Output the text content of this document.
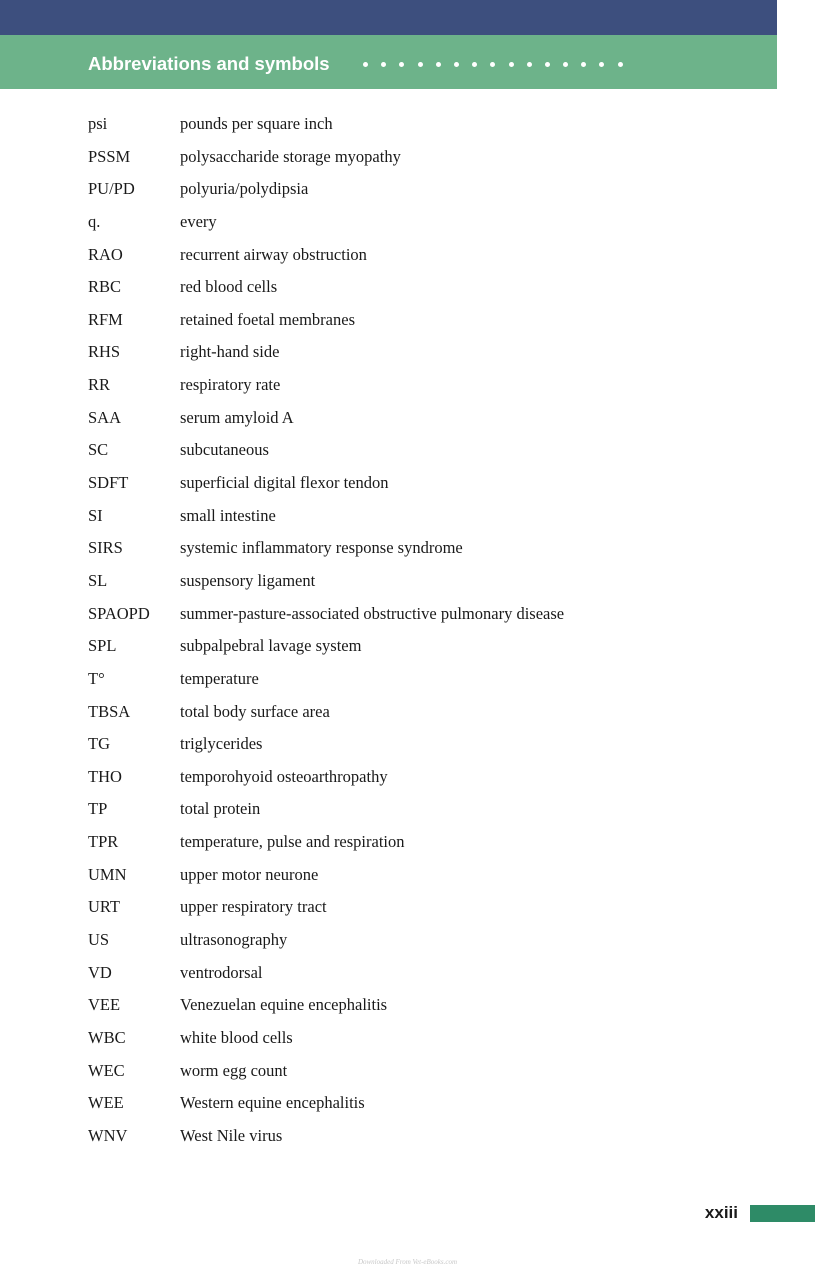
Abbreviations and symbols
psi	pounds per square inch
PSSM	polysaccharide storage myopathy
PU/PD	polyuria/polydipsia
q.	every
RAO	recurrent airway obstruction
RBC	red blood cells
RFM	retained foetal membranes
RHS	right-hand side
RR	respiratory rate
SAA	serum amyloid A
SC	subcutaneous
SDFT	superficial digital flexor tendon
SI	small intestine
SIRS	systemic inflammatory response syndrome
SL	suspensory ligament
SPAOPD summer-pasture-associated obstructive pulmonary disease
SPL	subpalpebral lavage system
T°	temperature
TBSA	total body surface area
TG	triglycerides
THO	temporohyoid osteoarthropathy
TP	total protein
TPR	temperature, pulse and respiration
UMN	upper motor neurone
URT	upper respiratory tract
US	ultrasonography
VD	ventrodorsal
VEE	Venezuelan equine encephalitis
WBC	white blood cells
WEC	worm egg count
WEE	Western equine encephalitis
WNV	West Nile virus
xxiii
Downloaded From Vet-eBooks.com
